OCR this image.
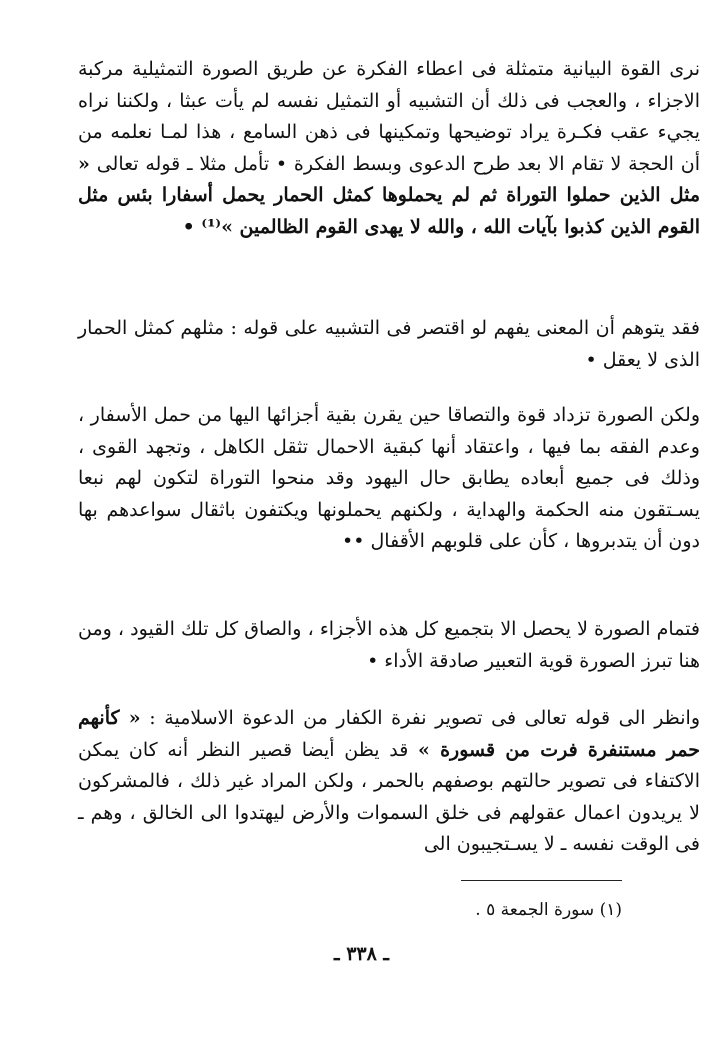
نرى القوة البيانية متمثلة فى اعطاء الفكرة عن طريق الصورة التمثيلية مركبة الاجزاء ، والعجب فى ذلك أن التشبيه أو التمثيل نفسه لم يأت عبثا ، ولكننا نراه يجيء عقب فكـرة يراد توضيحها وتمكينها فى ذهن السامع ، هذا لمـا نعلمه من أن الحجة لا تقام الا بعد طرح الدعوى وبسط الفكرة • تأمل مثلا ـ قوله تعالى « مثل الذين حملوا التوراة ثم لم يحملوها كمثل الحمار يحمل أسفارا بئس مثل القوم الذين كذبوا بآيات الله ، والله لا يهدى القوم الظالمين »⁽¹⁾ •

فقد يتوهم أن المعنى يفهم لو اقتصر فى التشبيه على قوله : مثلهم كمثل الحمار الذى لا يعقل •

ولكن الصورة تزداد قوة والتصاقا حين يقرن بقية أجزائها اليها من حمل الأسفار ، وعدم الفقه بما فيها ، واعتقاد أنها كبقية الاحمال تثقل الكاهل ، وتجهد القوى ، وذلك فى جميع أبعاده يطابق حال اليهود وقد منحوا التوراة لتكون لهم نبعا يسـتقون منه الحكمة والهداية ، ولكنهم يحملونها ويكتفون باثقال سواعدهم بها دون أن يتدبروها ، كأن على قلوبهم الأقفال ••

فتمام الصورة لا يحصل الا بتجميع كل هذه الأجزاء ، والصاق كل تلك القيود ، ومن هنا تبرز الصورة قوية التعبير صادقة الأداء •

وانظر الى قوله تعالى فى تصوير نفرة الكفار من الدعوة الاسلامية : « كأنهم حمر مستنفرة فرت من قسورة » قد يظن أيضا قصير النظر أنه كان يمكن الاكتفاء فى تصوير حالتهم بوصفهم بالحمر ، ولكن المراد غير ذلك ، فالمشركون لا يريدون اعمال عقولهم فى خلق السموات والأرض ليهتدوا الى الخالق ، وهم ـ فى الوقت نفسه ـ لا يسـتجيبون الى

(١) سورة الجمعة ٥ .

ـ ٣٣٨ ـ
